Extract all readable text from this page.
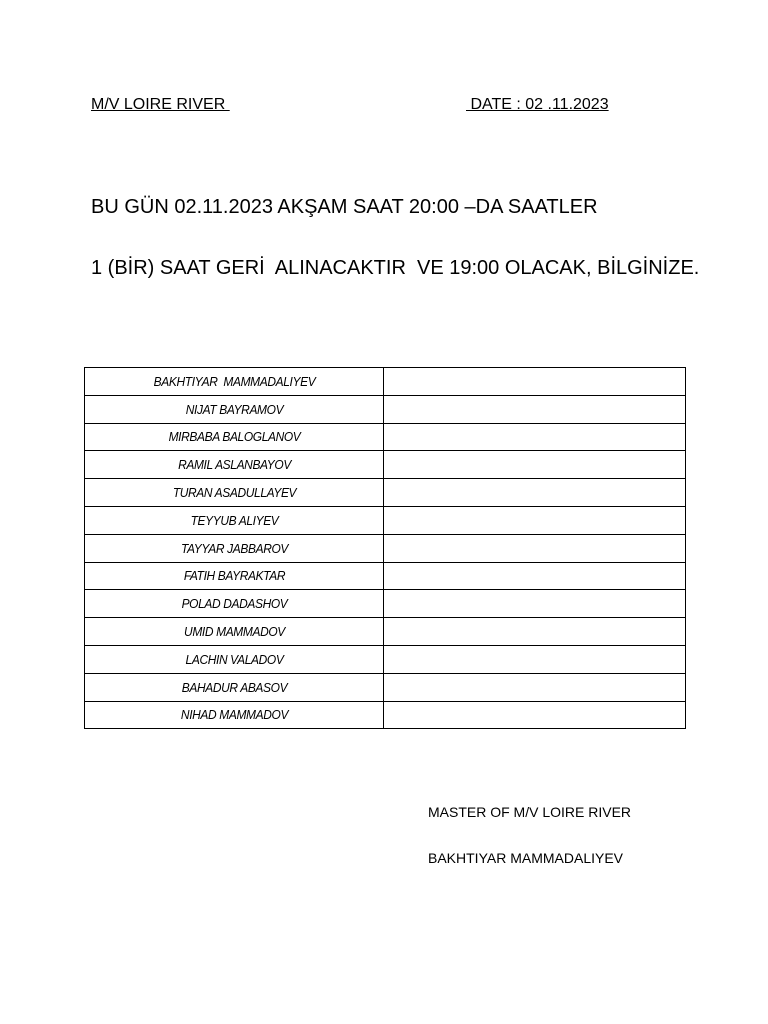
M/V LOIRE RIVER	DATE : 02 .11.2023
BU GÜN 02.11.2023 AKŞAM SAAT 20:00 –DA SAATLER
1 (BİR) SAAT GERİ  ALINACAKTIR  VE 19:00 OLACAK, BİLGİNİZE.
BAKHTIYAR  MAMMADALIYEV	
NIJAT BAYRAMOV	
MIRBABA BALOGLANOV	
RAMIL ASLANBAYOV	
TURAN ASADULLAYEV	
TEYYUB ALIYEV	
TAYYAR JABBAROV	
FATIH BAYRAKTAR	
POLAD DADASHOV	
UMID MAMMADOV	
LACHIN VALADOV	
BAHADUR ABASOV	
NIHAD MAMMADOV	
MASTER OF M/V LOIRE RIVER
BAKHTIYAR MAMMADALIYEV
